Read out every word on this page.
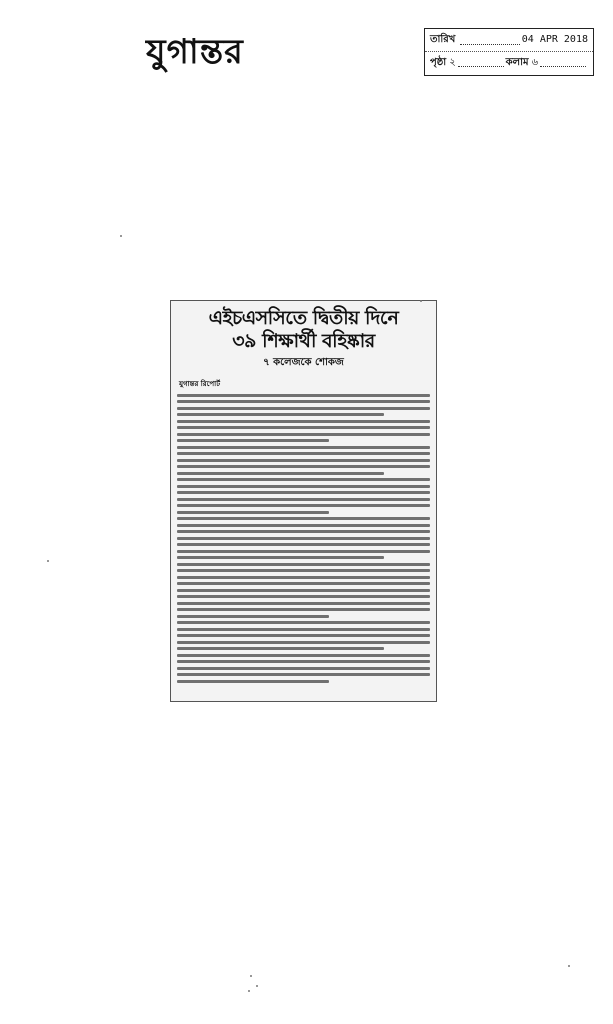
যুগান্তর	তারিখ	04 APR 2018
পৃষ্ঠা ২	কলাম ৬
এইচএসসিতে দ্বিতীয় দিনে
৩৯ শিক্ষার্থী বহিষ্কার
৭ কলেজকে শোকজ
যুগান্তর রিপোর্ট
